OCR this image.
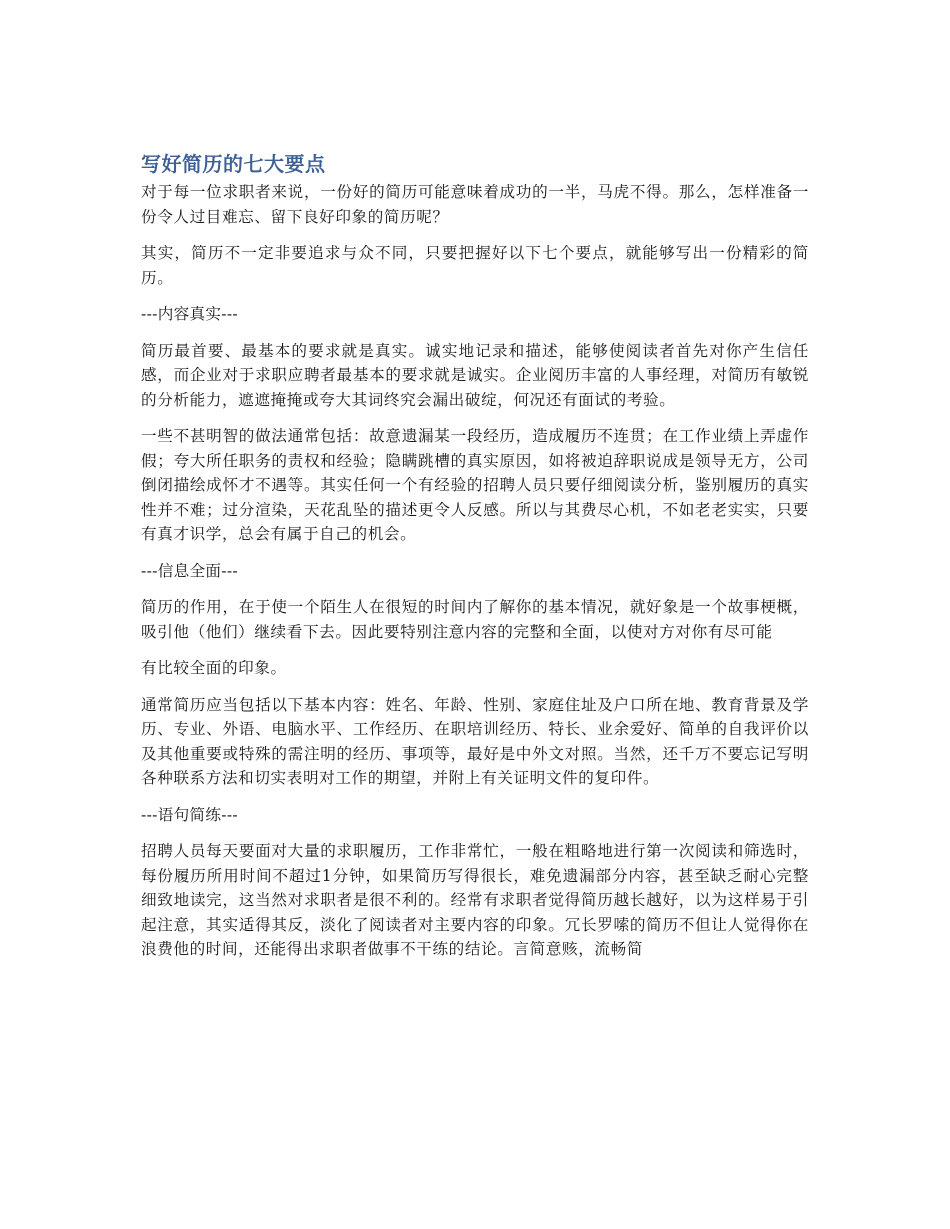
写好简历的七大要点

对于每一位求职者来说，一份好的简历可能意味着成功的一半，马虎不得。那么，怎样准备一份令人过目难忘、留下良好印象的简历呢？

其实，简历不一定非要追求与众不同，只要把握好以下七个要点，就能够写出一份精彩的简历。

---内容真实---

简历最首要、最基本的要求就是真实。诚实地记录和描述，能够使阅读者首先对你产生信任感，而企业对于求职应聘者最基本的要求就是诚实。企业阅历丰富的人事经理，对简历有敏锐的分析能力，遮遮掩掩或夸大其词终究会漏出破绽，何况还有面试的考验。

一些不甚明智的做法通常包括：故意遗漏某一段经历，造成履历不连贯；在工作业绩上弄虚作假；夸大所任职务的责权和经验；隐瞒跳槽的真实原因，如将被迫辞职说成是领导无方，公司倒闭描绘成怀才不遇等。其实任何一个有经验的招聘人员只要仔细阅读分析，鉴别履历的真实性并不难；过分渲染，天花乱坠的描述更令人反感。所以与其费尽心机，不如老老实实，只要有真才识学，总会有属于自己的机会。

---信息全面---

简历的作用，在于使一个陌生人在很短的时间内了解你的基本情况，就好象是一个故事梗概，吸引他（他们）继续看下去。因此要特别注意内容的完整和全面，以使对方对你有尽可能

有比较全面的印象。

通常简历应当包括以下基本内容：姓名、年龄、性别、家庭住址及户口所在地、教育背景及学历、专业、外语、电脑水平、工作经历、在职培训经历、特长、业余爱好、简单的自我评价以及其他重要或特殊的需注明的经历、事项等，最好是中外文对照。当然，还千万不要忘记写明各种联系方法和切实表明对工作的期望，并附上有关证明文件的复印件。

---语句简练---

招聘人员每天要面对大量的求职履历，工作非常忙，一般在粗略地进行第一次阅读和筛选时，每份履历所用时间不超过1分钟，如果简历写得很长，难免遗漏部分内容，甚至缺乏耐心完整细致地读完，这当然对求职者是很不利的。经常有求职者觉得简历越长越好，以为这样易于引起注意，其实适得其反，淡化了阅读者对主要内容的印象。冗长罗嗦的简历不但让人觉得你在浪费他的时间，还能得出求职者做事不干练的结论。言简意赅，流畅简
